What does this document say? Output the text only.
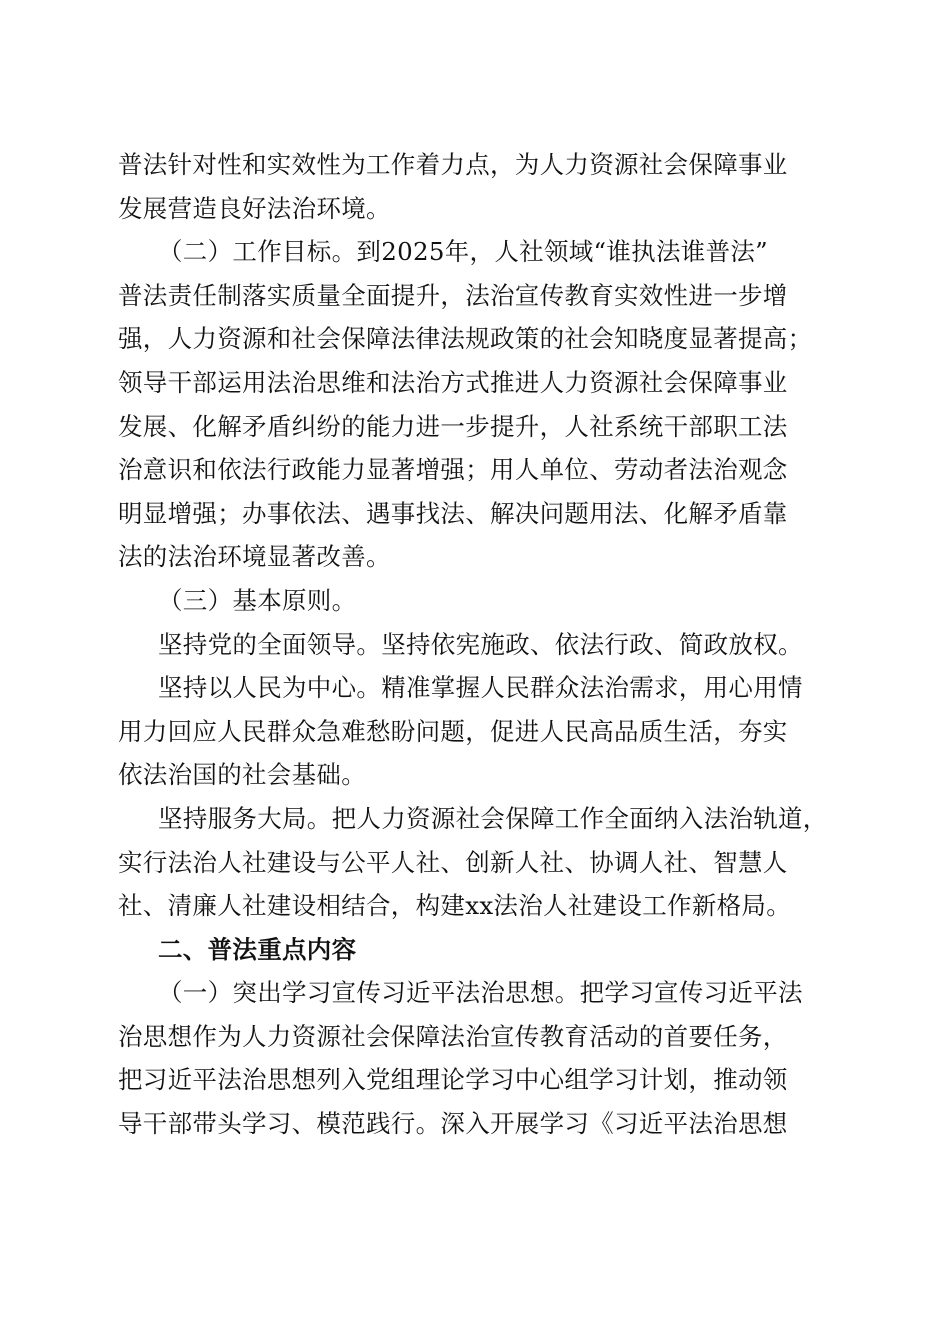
普法针对性和实效性为工作着力点，为人力资源社会保障事业
发展营造良好法治环境。
（二）工作目标。到2025年，人社领域“谁执法谁普法”
普法责任制落实质量全面提升，法治宣传教育实效性进一步增
强，人力资源和社会保障法律法规政策的社会知晓度显著提高；
领导干部运用法治思维和法治方式推进人力资源社会保障事业
发展、化解矛盾纠纷的能力进一步提升，人社系统干部职工法
治意识和依法行政能力显著增强；用人单位、劳动者法治观念
明显增强；办事依法、遇事找法、解决问题用法、化解矛盾靠
法的法治环境显著改善。
（三）基本原则。
坚持党的全面领导。坚持依宪施政、依法行政、简政放权。
坚持以人民为中心。精准掌握人民群众法治需求，用心用情
用力回应人民群众急难愁盼问题，促进人民高品质生活，夯实
依法治国的社会基础。
坚持服务大局。把人力资源社会保障工作全面纳入法治轨道，
实行法治人社建设与公平人社、创新人社、协调人社、智慧人
社、清廉人社建设相结合，构建xx法治人社建设工作新格局。
二、普法重点内容
（一）突出学习宣传习近平法治思想。把学习宣传习近平法
治思想作为人力资源社会保障法治宣传教育活动的首要任务，
把习近平法治思想列入党组理论学习中心组学习计划，推动领
导干部带头学习、模范践行。深入开展学习《习近平法治思想
